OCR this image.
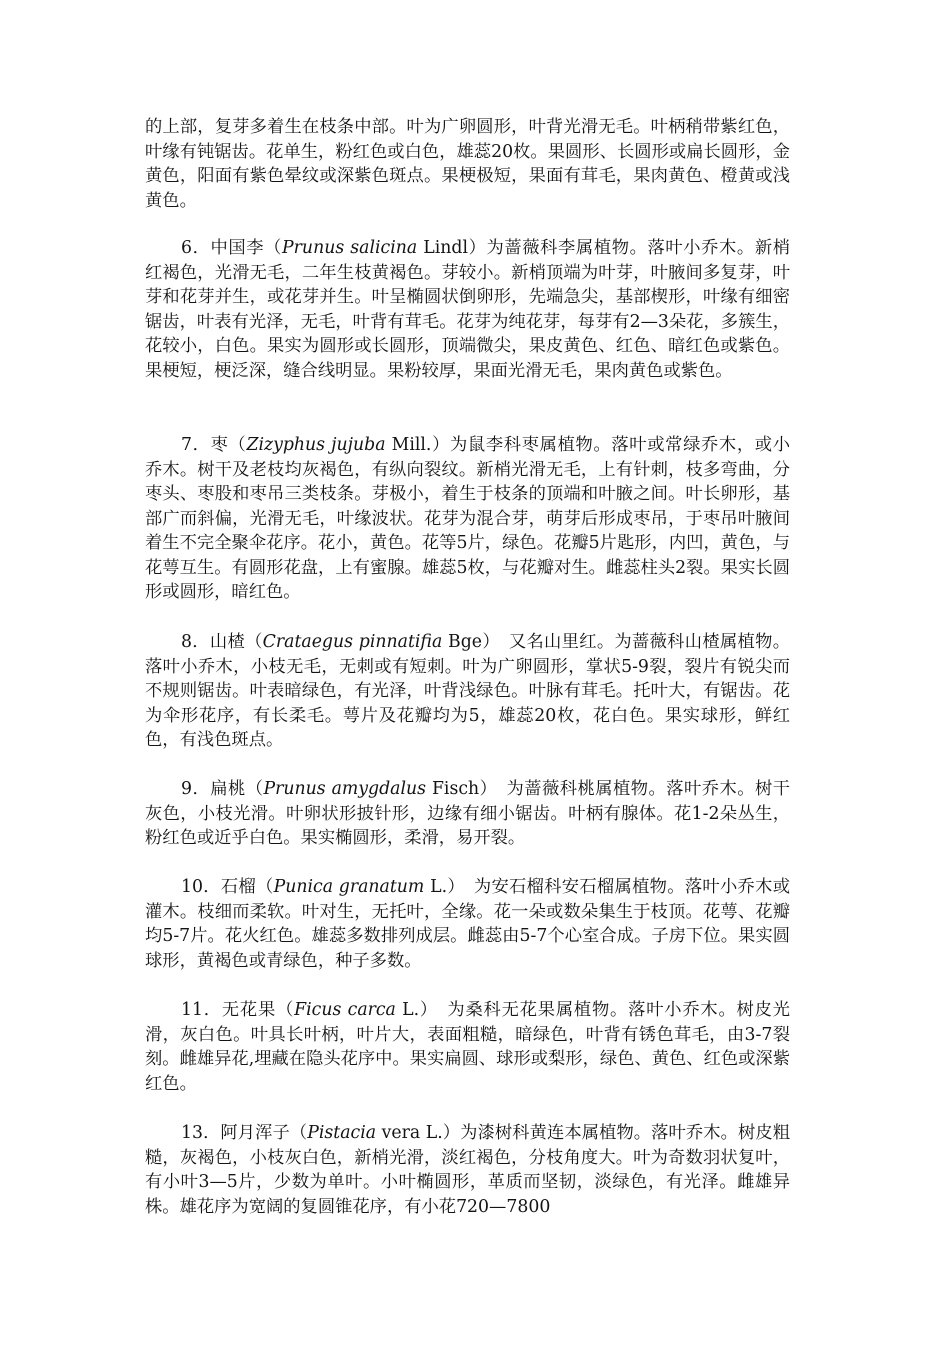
的上部，复芽多着生在枝条中部。叶为广卵圆形，叶背光滑无毛。叶柄稍带紫红色，叶缘有钝锯齿。花单生，粉红色或白色，雄蕊20枚。果圆形、长圆形或扁长圆形，金黄色，阳面有紫色晕纹或深紫色斑点。果梗极短，果面有茸毛，果肉黄色、橙黄或浅黄色。

6．中国李（Prunus salicina Lindl）为蔷薇科李属植物。落叶小乔木。新梢红褐色，光滑无毛，二年生枝黄褐色。芽较小。新梢顶端为叶芽，叶腋间多复芽，叶芽和花芽并生，或花芽并生。叶呈椭圆状倒卵形，先端急尖，基部楔形，叶缘有细密锯齿，叶表有光泽，无毛，叶背有茸毛。花芽为纯花芽，每芽有2—3朵花，多簇生，花较小，白色。果实为圆形或长圆形，顶端微尖，果皮黄色、红色、暗红色或紫色。果梗短，梗泛深，缝合线明显。果粉较厚，果面光滑无毛，果肉黄色或紫色。

7．枣（Zizyphus jujuba Mill.）为鼠李科枣属植物。落叶或常绿乔木，或小乔木。树干及老枝均灰褐色，有纵向裂纹。新梢光滑无毛，上有针刺，枝多弯曲，分枣头、枣股和枣吊三类枝条。芽极小，着生于枝条的顶端和叶腋之间。叶长卵形，基部广而斜偏，光滑无毛，叶缘波状。花芽为混合芽，萌芽后形成枣吊，于枣吊叶腋间着生不完全聚伞花序。花小，黄色。花等5片，绿色。花瓣5片匙形，内凹，黄色，与花萼互生。有圆形花盘，上有蜜腺。雄蕊5枚，与花瓣对生。雌蕊柱头2裂。果实长圆形或圆形，暗红色。

8．山楂（Crataegus pinnatifia Bge）　又名山里红。为蔷薇科山楂属植物。落叶小乔木，小枝无毛，无刺或有短刺。叶为广卵圆形，掌状5-9裂，裂片有锐尖而不规则锯齿。叶表暗绿色，有光泽，叶背浅绿色。叶脉有茸毛。托叶大，有锯齿。花为伞形花序，有长柔毛。萼片及花瓣均为5，雄蕊20枚，花白色。果实球形，鲜红色，有浅色斑点。

9．扁桃（Prunus amygdalus Fisch）　为蔷薇科桃属植物。落叶乔木。树干灰色，小枝光滑。叶卵状形披针形，边缘有细小锯齿。叶柄有腺体。花1-2朵丛生，粉红色或近乎白色。果实椭圆形，柔滑，易开裂。

10．石榴（Punica granatum L.）　为安石榴科安石榴属植物。落叶小乔木或灌木。枝细而柔软。叶对生，无托叶，全缘。花一朵或数朵集生于枝顶。花萼、花瓣均5-7片。花火红色。雄蕊多数排列成层。雌蕊由5-7个心室合成。子房下位。果实圆球形，黄褐色或青绿色，种子多数。

11．无花果（Ficus carca L.）　为桑科无花果属植物。落叶小乔木。树皮光滑，灰白色。叶具长叶柄，叶片大，表面粗糙，暗绿色，叶背有锈色茸毛，由3-7裂刻。雌雄异花,埋藏在隐头花序中。果实扁圆、球形或梨形，绿色、黄色、红色或深紫红色。

13．阿月浑子（Pistacia vera L.）为漆树科黄连本属植物。落叶乔木。树皮粗糙，灰褐色，小枝灰白色，新梢光滑，淡红褐色，分枝角度大。叶为奇数羽状复叶，有小叶3—5片，少数为单叶。小叶椭圆形，革质而坚韧，淡绿色，有光泽。雌雄异株。雄花序为宽阔的复圆锥花序，有小花720—7800
